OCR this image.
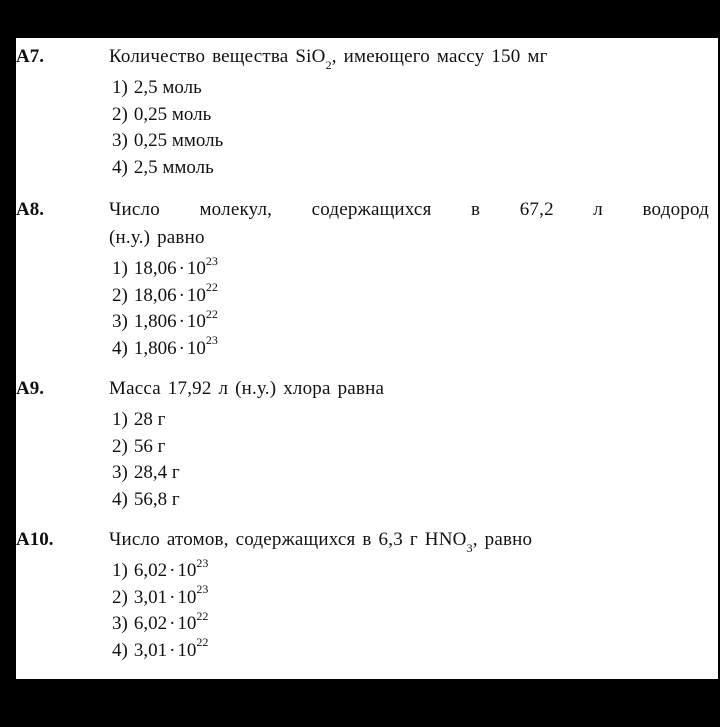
А7.	Количество вещества SiO$_2$, имеющего массу 150 мг
1) 2,5 моль
2) 0,25 моль
3) 0,25 ммоль
4) 2,5 ммоль
А8.	Число молекул, содержащихся в 67,2 л водород
(н.у.) равно
1) $18,06 \cdot 10^{23}$
2) $18,06 \cdot 10^{22}$
3) $1,806 \cdot 10^{22}$
4) $1,806 \cdot 10^{23}$
А9.	Масса 17,92 л (н.у.) хлора равна
1) 28 г
2) 56 г
3) 28,4 г
4) 56,8 г
А10.	Число атомов, содержащихся в 6,3 г $HNO_3$, равно
1) $6,02 \cdot 10^{23}$
2) $3,01 \cdot 10^{23}$
3) $6,02 \cdot 10^{22}$
4) $3,01 \cdot 10^{22}$
